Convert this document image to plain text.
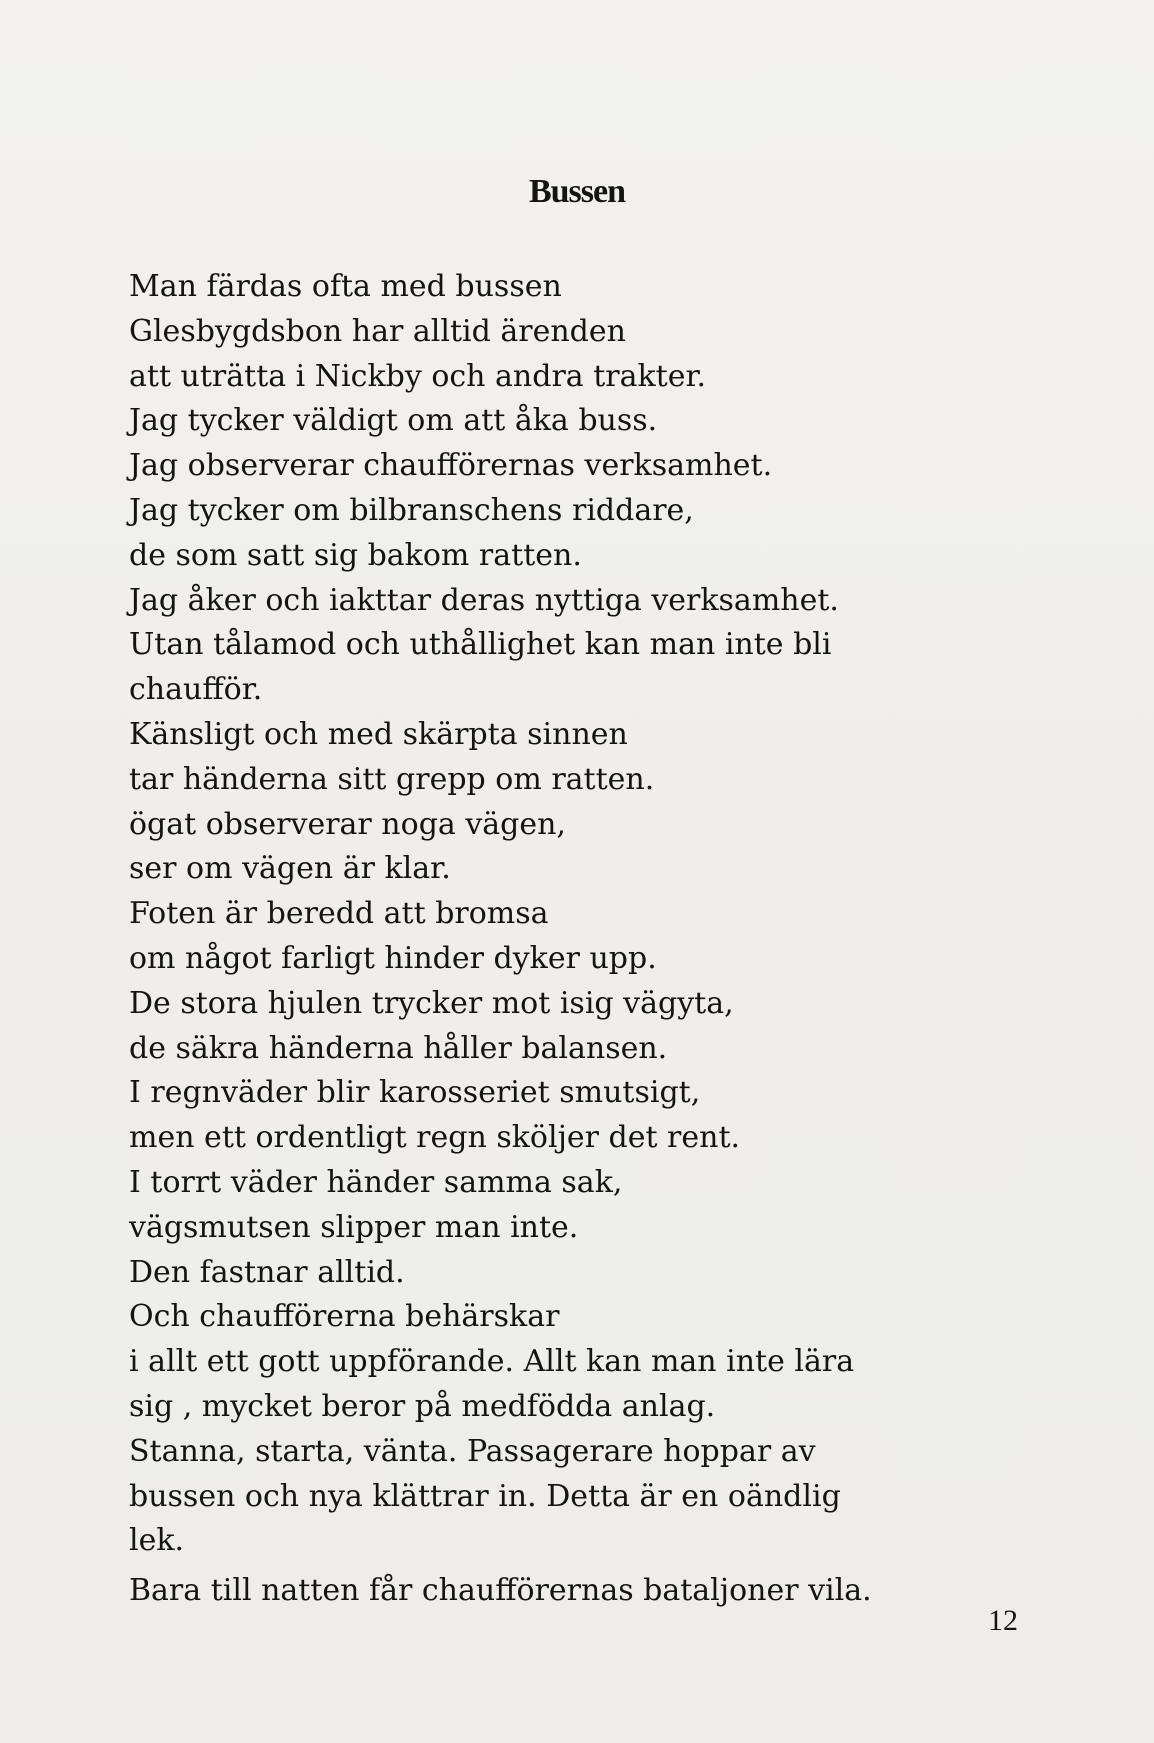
Bussen
Man färdas ofta med bussen
Glesbygdsbon har alltid ärenden
att uträtta i Nickby och andra trakter.
Jag tycker väldigt om att åka buss.
Jag observerar chaufförernas verksamhet.
Jag tycker om bilbranschens riddare,
de som satt sig bakom ratten.
Jag åker och iakttar deras nyttiga verksamhet.
Utan tålamod och uthållighet kan man inte bli
chaufför.
Känsligt och med skärpta sinnen
tar händerna sitt grepp om ratten.
ögat observerar noga vägen,
ser om vägen är klar.
Foten är beredd att bromsa
om något farligt hinder dyker upp.
De stora hjulen trycker mot isig vägyta,
de säkra händerna håller balansen.
I regnväder blir karosseriet smutsigt,
men ett ordentligt regn sköljer det rent.
I torrt väder händer samma sak,
vägsmutsen slipper man inte.
Den fastnar alltid.
Och chaufförerna behärskar
i allt ett gott uppförande. Allt kan man inte lära
sig , mycket beror på medfödda anlag.
Stanna, starta, vänta. Passagerare hoppar av
bussen och nya klättrar in. Detta är en oändlig
lek.

Bara till natten får chaufförernas bataljoner vila.

12
